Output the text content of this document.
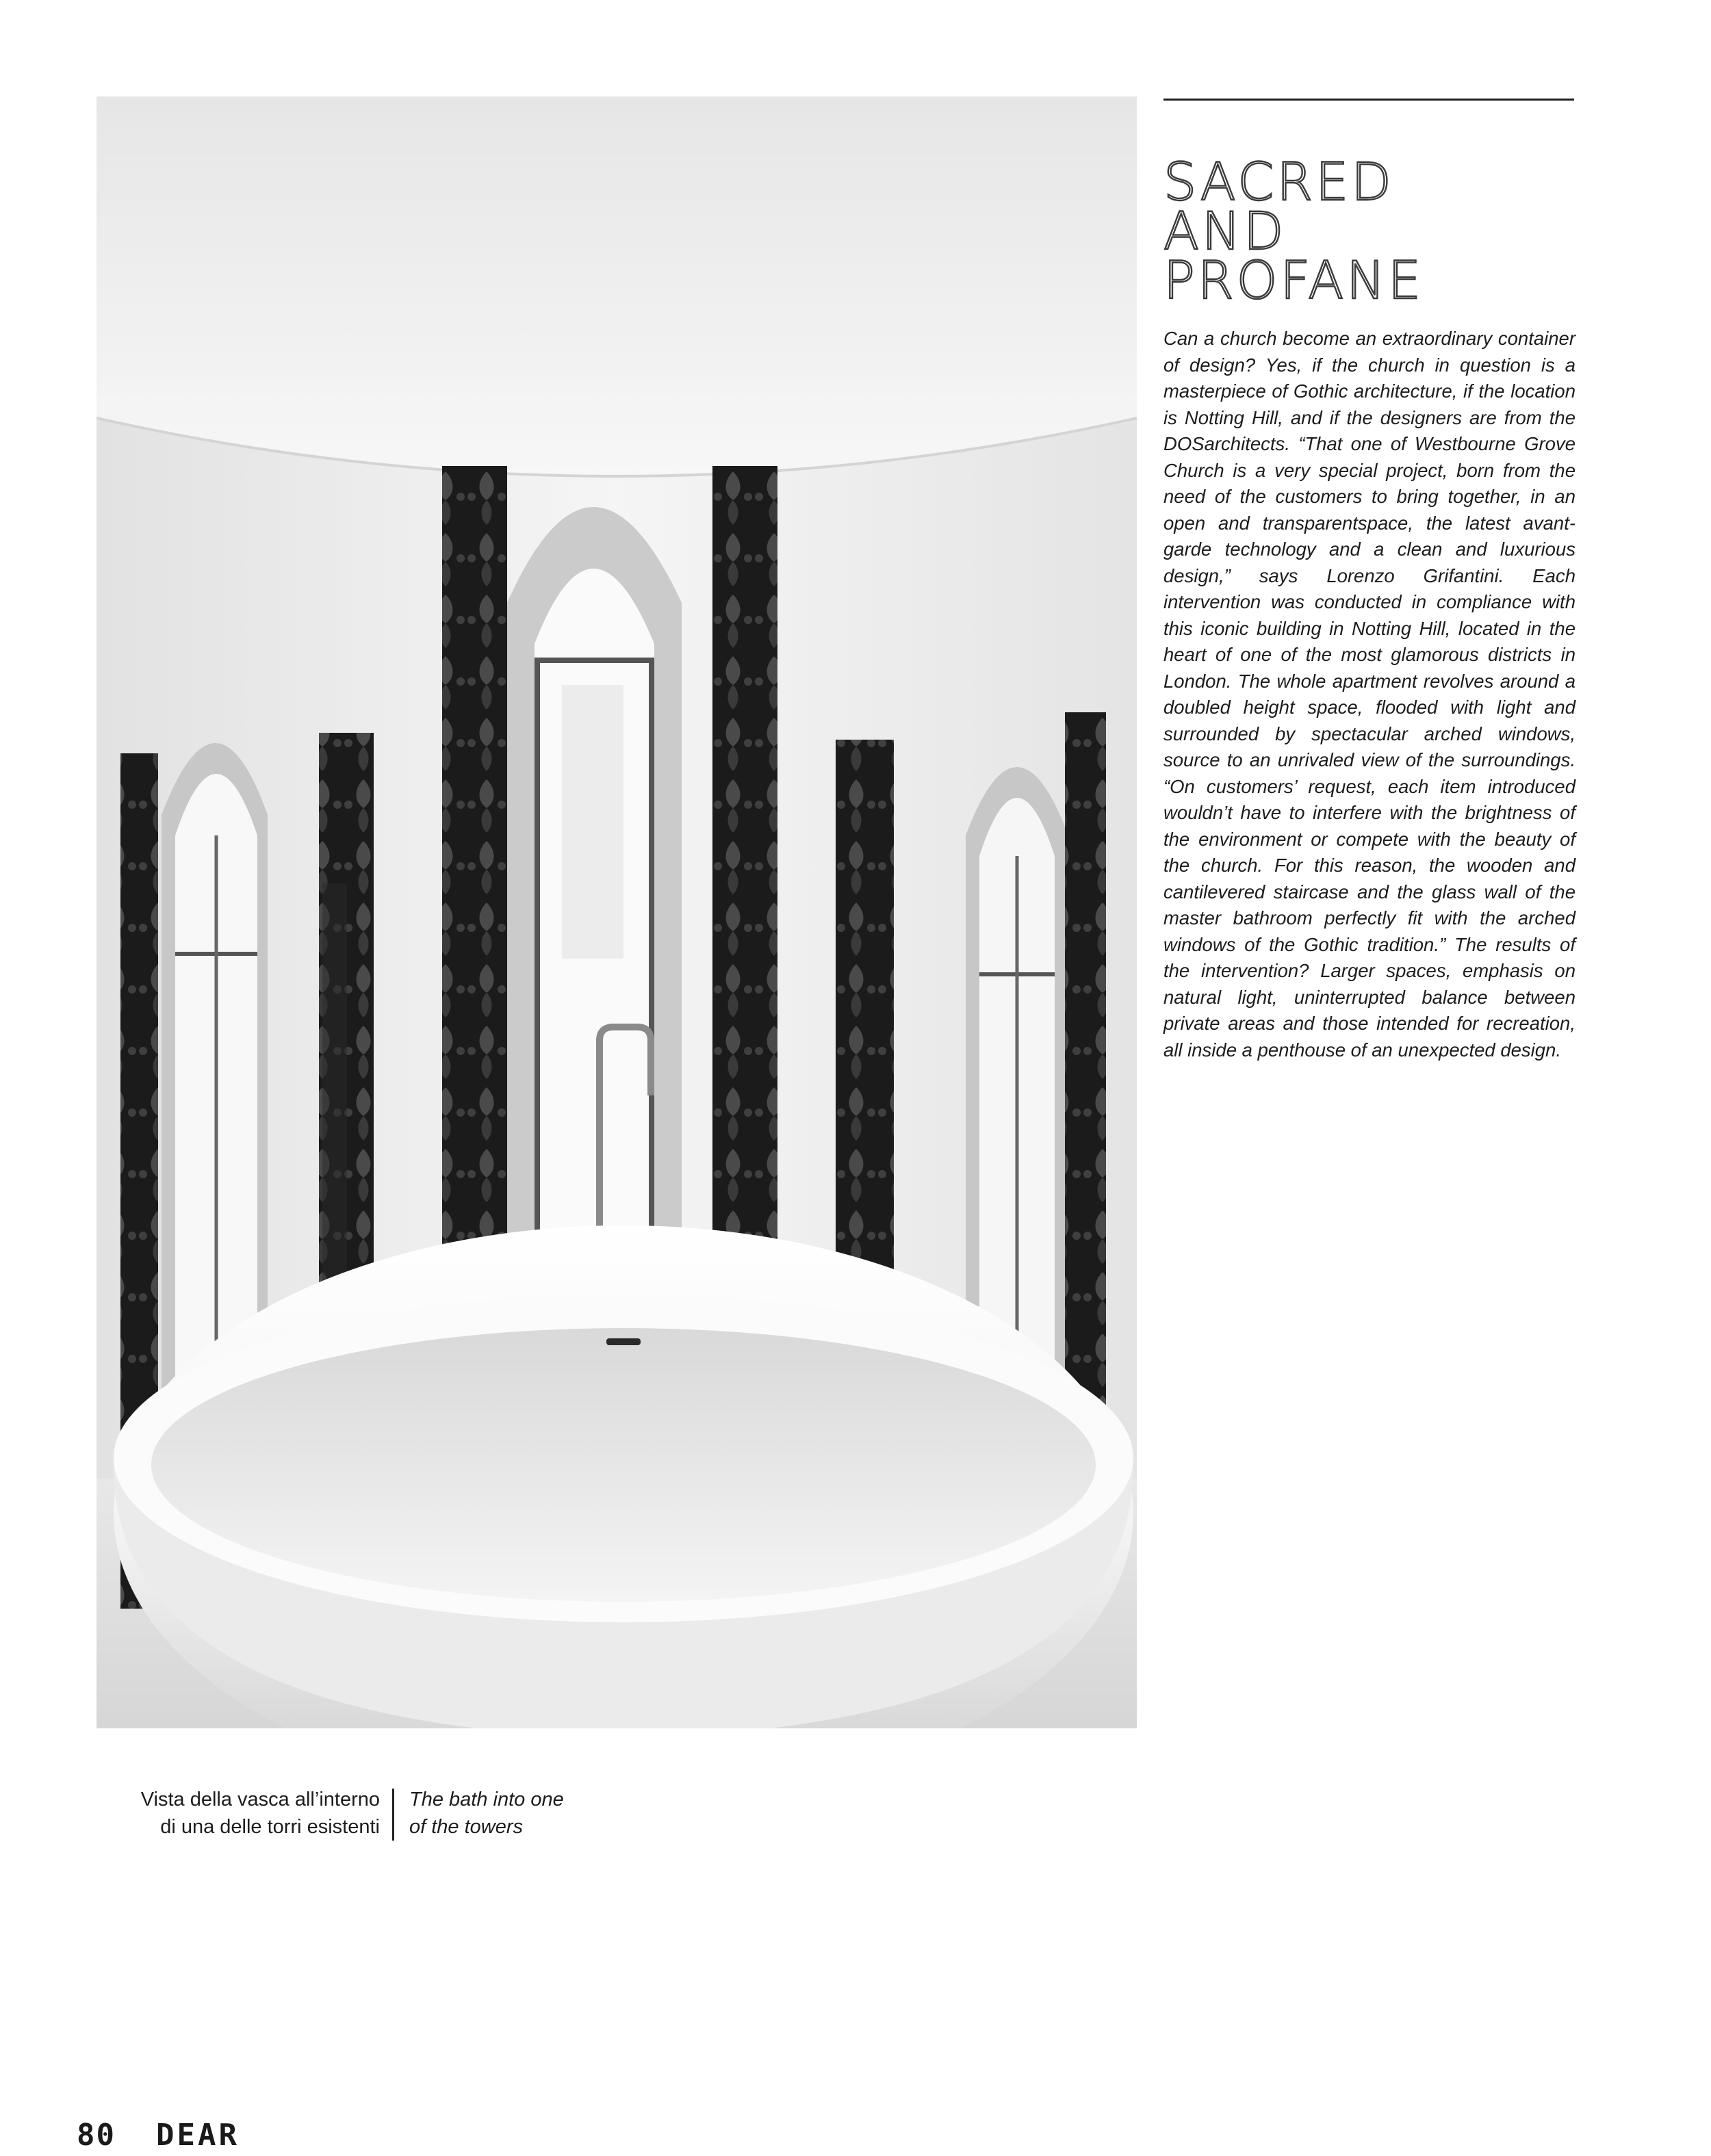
SACRED
AND
PROFANE

Can a church become an extraordinary container of design? Yes, if the church in question is a masterpiece of Gothic architecture, if the location is Notting Hill, and if the designers are from the DOSarchitects. “That one of Westbourne Grove Church is a very special project, born from the need of the customers to bring together, in an open and transparentspace, the latest avant-garde technology and a clean and luxurious design,” says Lorenzo Grifantini. Each intervention was conducted in compliance with this iconic building in Notting Hill, located in the heart of one of the most glamorous districts in London. The whole apartment revolves around a doubled height space, flooded with light and surrounded by spectacular arched windows, source to an unrivaled view of the surroundings. “On customers’ request, each item introduced wouldn’t have to interfere with the brightness of the environment or compete with the beauty of the church. For this reason, the wooden and cantilevered staircase and the glass wall of the master bathroom perfectly fit with the arched windows of the Gothic tradition.” The results of the intervention? Larger spaces, emphasis on natural light, uninterrupted balance between private areas and those intended for recreation, all inside a penthouse of an unexpected design.

Vista della vasca all’interno
di una delle torri esistenti
The bath into one
of the towers
80 DEAR
